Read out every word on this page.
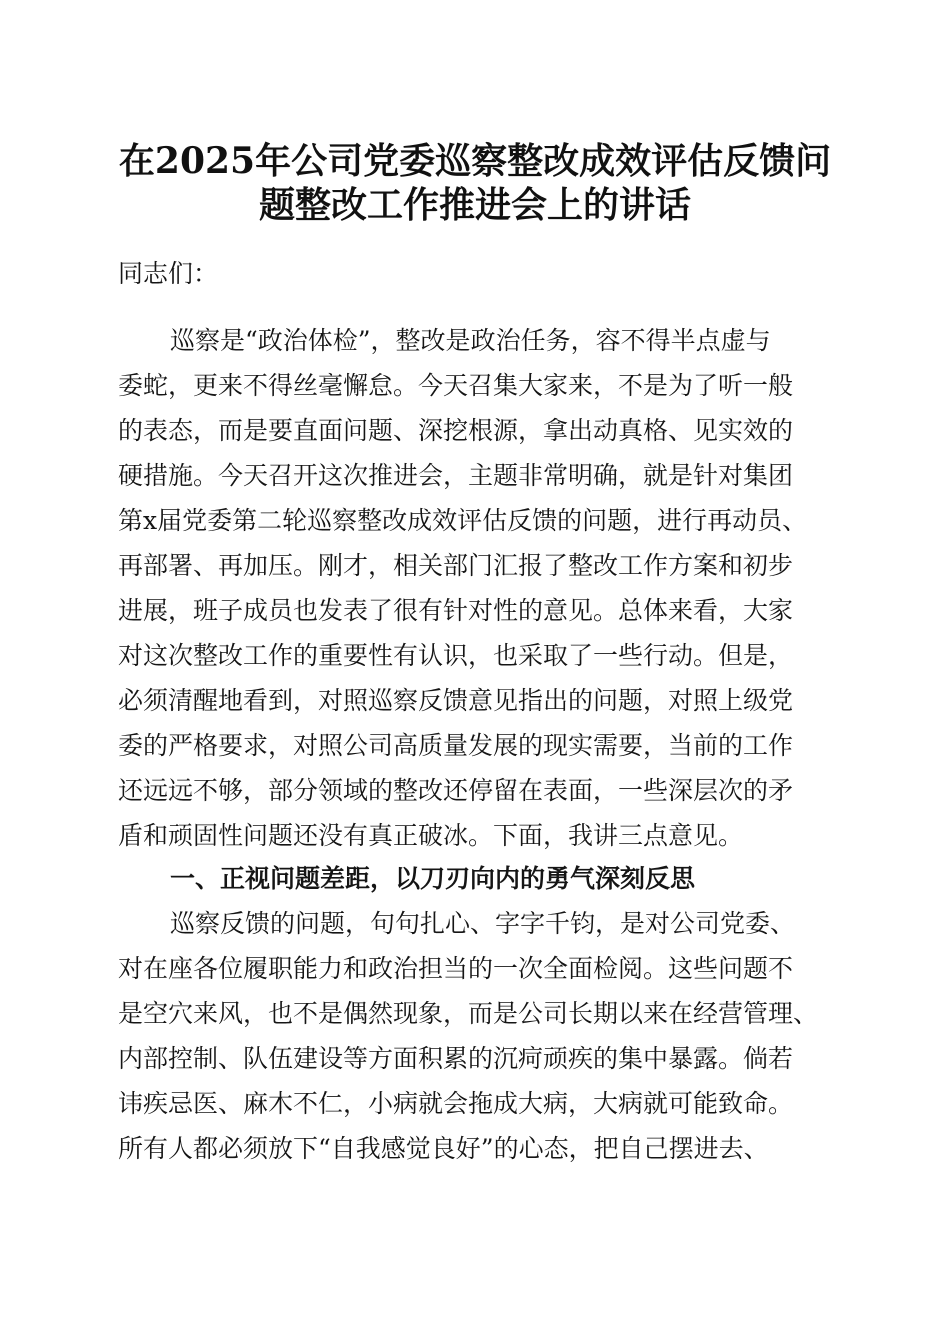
在2025年公司党委巡察整改成效评估反馈问
题整改工作推进会上的讲话
同志们：
巡察是“政治体检”，整改是政治任务，容不得半点虚与
委蛇，更来不得丝毫懈怠。今天召集大家来，不是为了听一般
的表态，而是要直面问题、深挖根源，拿出动真格、见实效的
硬措施。今天召开这次推进会，主题非常明确，就是针对集团
第x届党委第二轮巡察整改成效评估反馈的问题，进行再动员、
再部署、再加压。刚才，相关部门汇报了整改工作方案和初步
进展，班子成员也发表了很有针对性的意见。总体来看，大家
对这次整改工作的重要性有认识，也采取了一些行动。但是，
必须清醒地看到，对照巡察反馈意见指出的问题，对照上级党
委的严格要求，对照公司高质量发展的现实需要，当前的工作
还远远不够，部分领域的整改还停留在表面，一些深层次的矛
盾和顽固性问题还没有真正破冰。下面，我讲三点意见。
一、正视问题差距，以刀刃向内的勇气深刻反思
巡察反馈的问题，句句扎心、字字千钧，是对公司党委、
对在座各位履职能力和政治担当的一次全面检阅。这些问题不
是空穴来风，也不是偶然现象，而是公司长期以来在经营管理、
内部控制、队伍建设等方面积累的沉疴顽疾的集中暴露。倘若
讳疾忌医、麻木不仁，小病就会拖成大病，大病就可能致命。
所有人都必须放下“自我感觉良好”的心态，把自己摆进去、
